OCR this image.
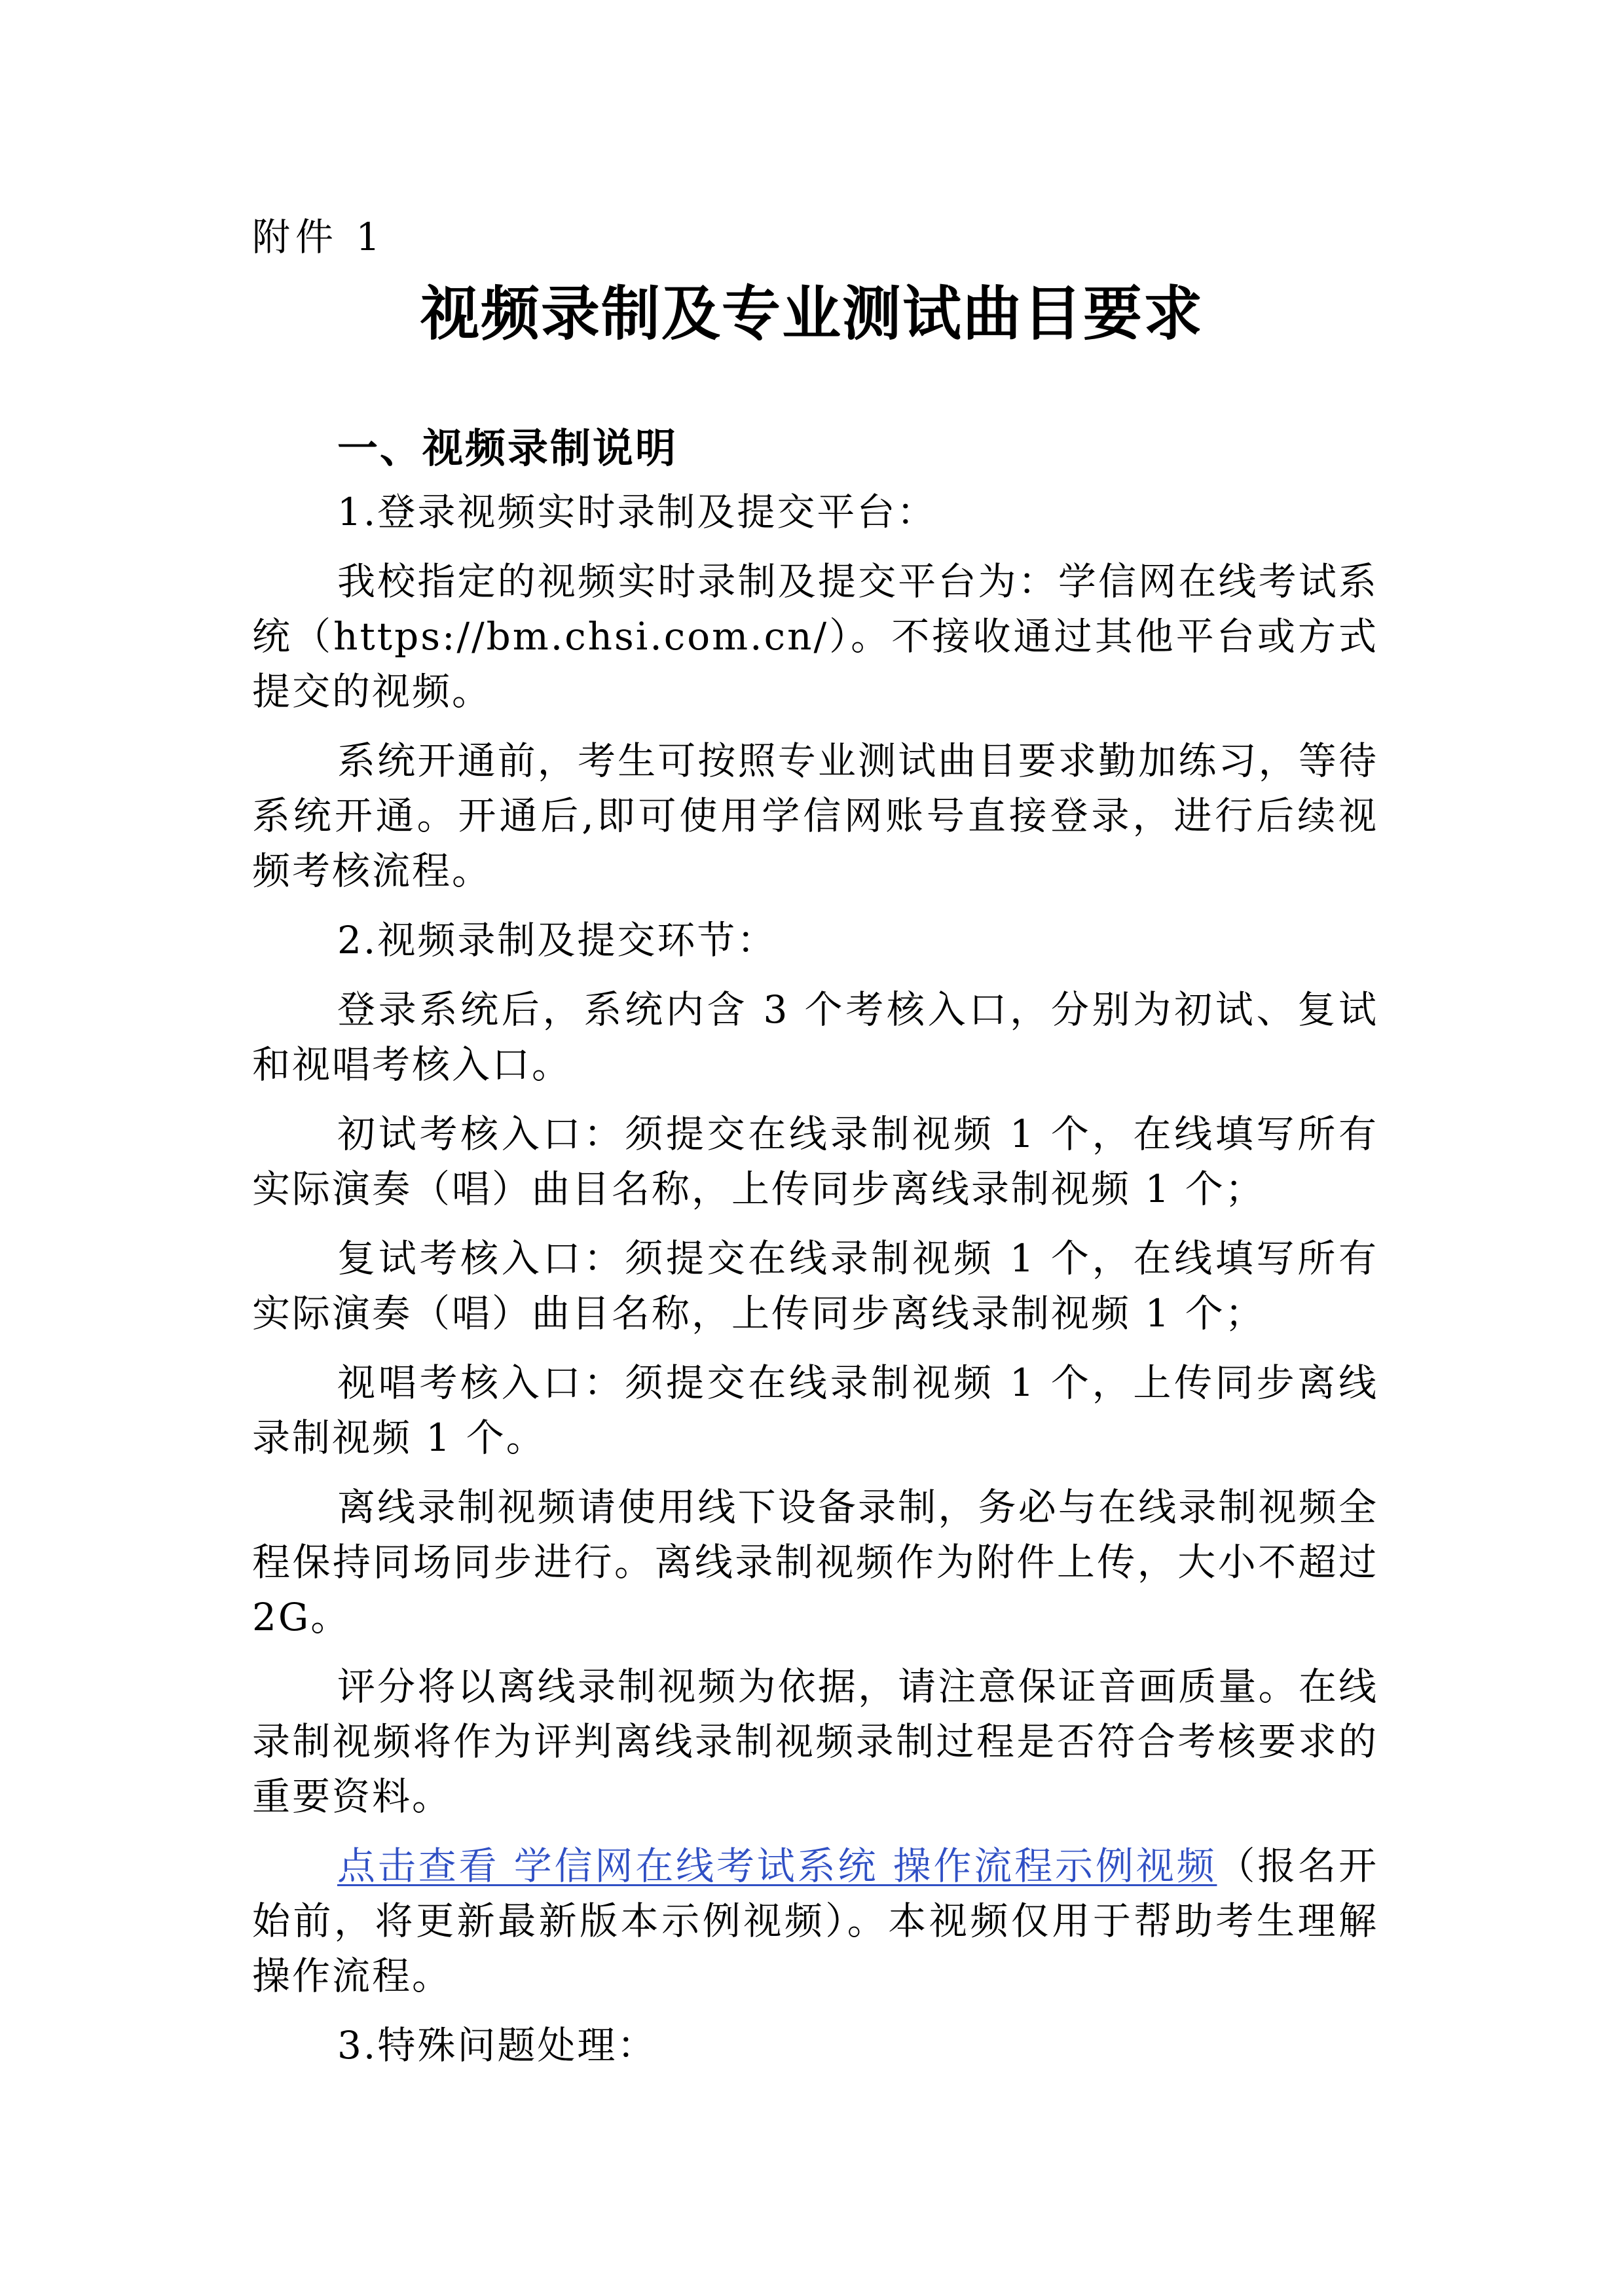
附件 1
视频录制及专业测试曲目要求
一、视频录制说明

1.登录视频实时录制及提交平台：

我校指定的视频实时录制及提交平台为：学信网在线考试系统（https://bm.chsi.com.cn/）。不接收通过其他平台或方式提交的视频。

系统开通前，考生可按照专业测试曲目要求勤加练习，等待系统开通。开通后,即可使用学信网账号直接登录，进行后续视频考核流程。

2.视频录制及提交环节：

登录系统后，系统内含 3 个考核入口，分别为初试、复试和视唱考核入口。

初试考核入口：须提交在线录制视频 1 个，在线填写所有实际演奏（唱）曲目名称，上传同步离线录制视频 1 个；

复试考核入口：须提交在线录制视频 1 个，在线填写所有实际演奏（唱）曲目名称，上传同步离线录制视频 1 个；

视唱考核入口：须提交在线录制视频 1 个，上传同步离线录制视频 1 个。

离线录制视频请使用线下设备录制，务必与在线录制视频全程保持同场同步进行。离线录制视频作为附件上传，大小不超过 2G。

评分将以离线录制视频为依据，请注意保证音画质量。在线录制视频将作为评判离线录制视频录制过程是否符合考核要求的重要资料。

点击查看 学信网在线考试系统 操作流程示例视频（报名开始前，将更新最新版本示例视频）。本视频仅用于帮助考生理解操作流程。

3.特殊问题处理：
